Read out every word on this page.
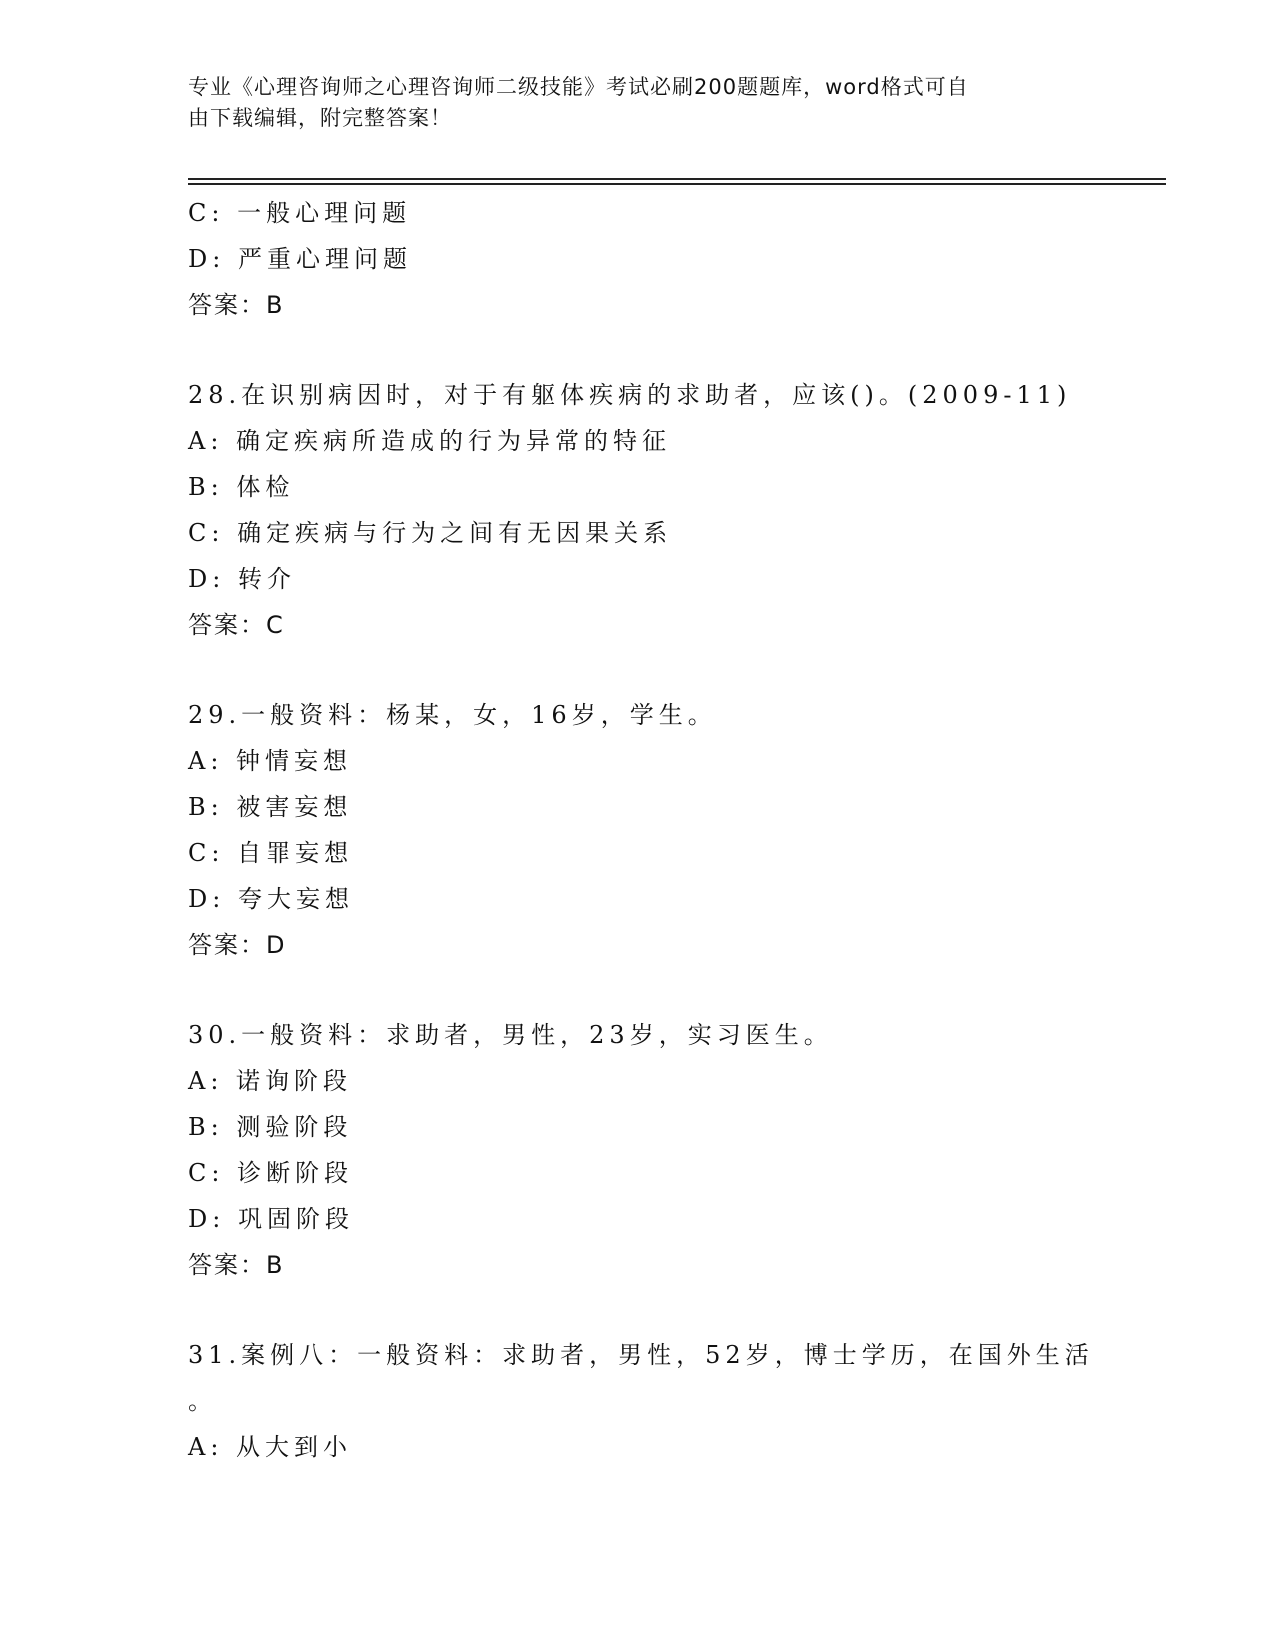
专业《心理咨询师之心理咨询师二级技能》考试必刷200题题库，word格式可自
由下载编辑，附完整答案！
C: 一般心理问题
D: 严重心理问题
答案：B
28.在识别病因时，对于有躯体疾病的求助者，应该()。(2009-11)
A: 确定疾病所造成的行为异常的特征
B: 体检
C: 确定疾病与行为之间有无因果关系
D: 转介
答案：C
29.一般资料：杨某，女，16岁，学生。
A: 钟情妄想
B: 被害妄想
C: 自罪妄想
D: 夸大妄想
答案：D
30.一般资料：求助者，男性，23岁，实习医生。
A: 诺询阶段
B: 测验阶段
C: 诊断阶段
D: 巩固阶段
答案：B
31.案例八：一般资料：求助者，男性，52岁，博士学历，在国外生活
。
A: 从大到小
